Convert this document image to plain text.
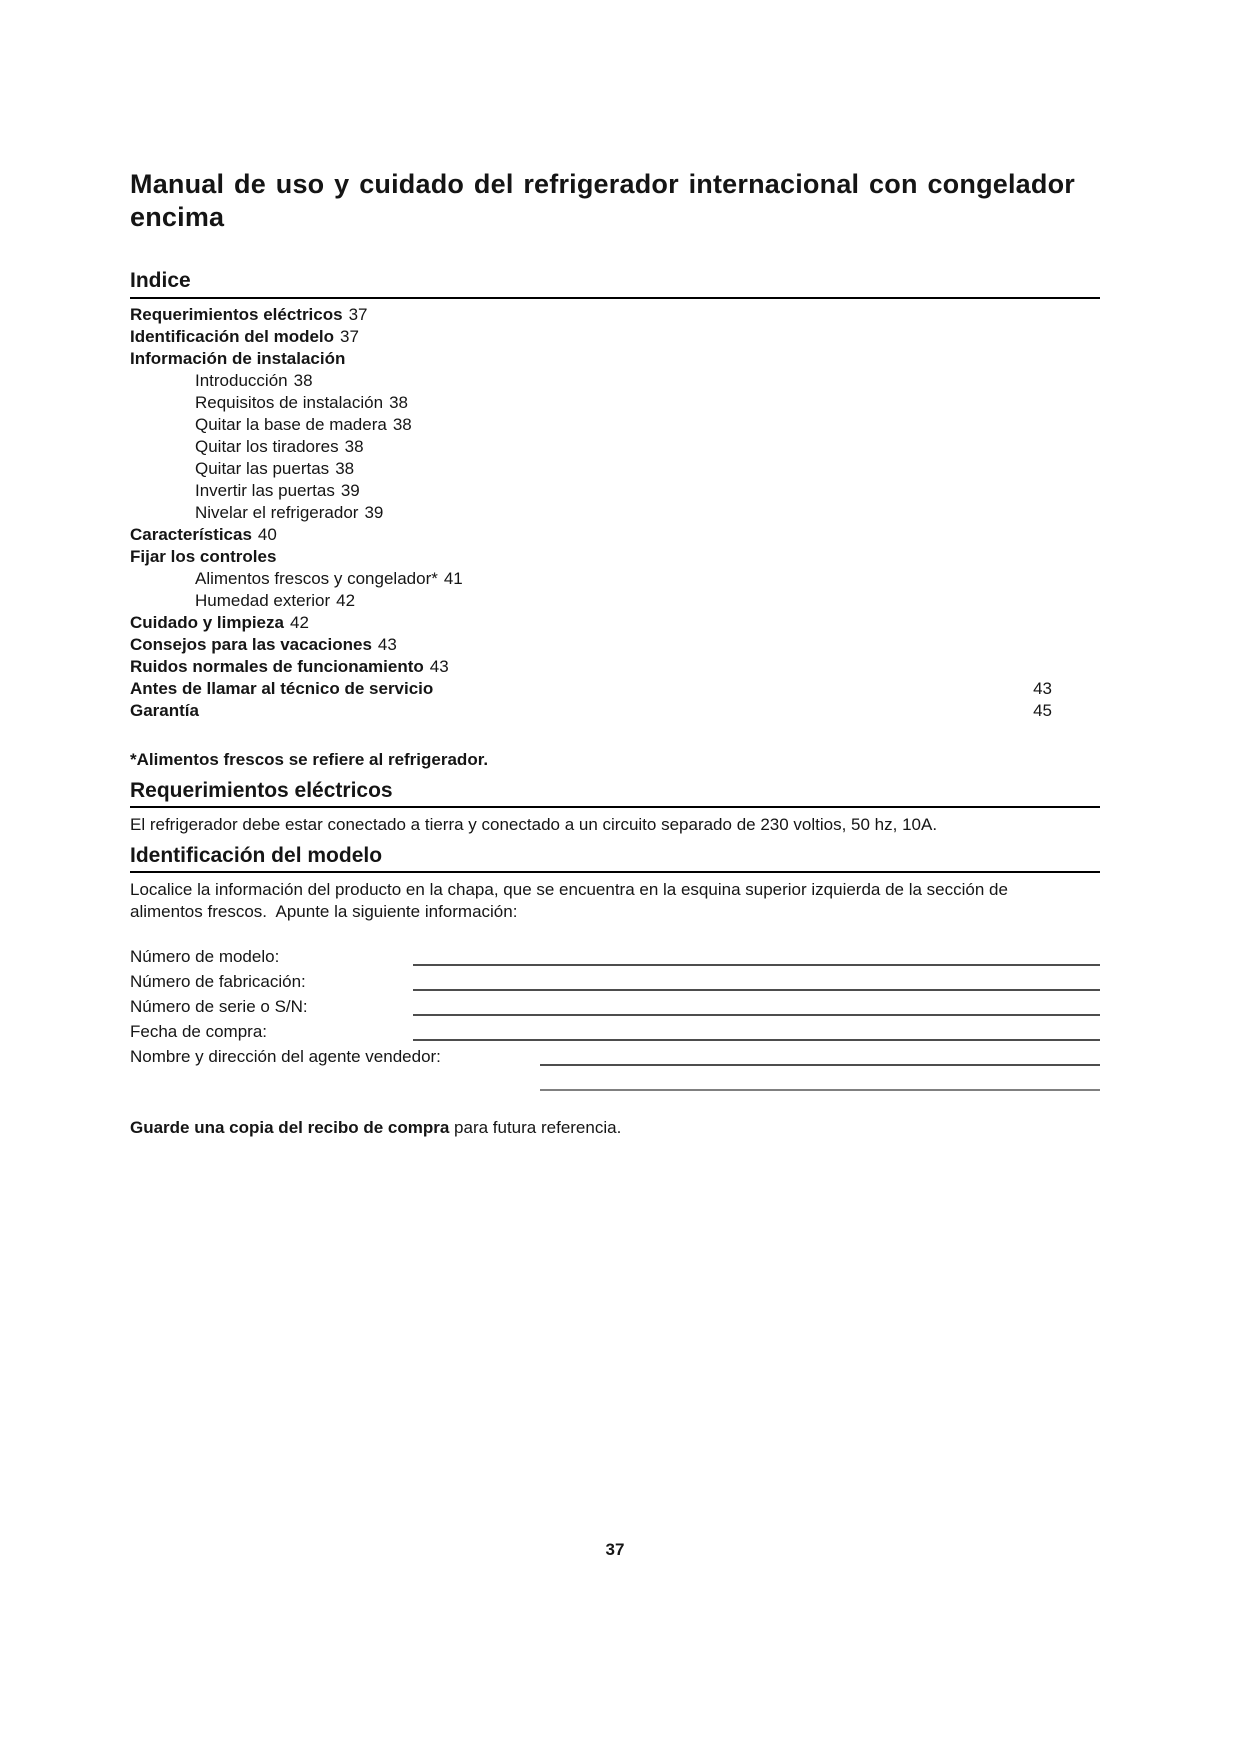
Manual de uso y cuidado del refrigerador internacional con congelador
encima
Indice
Requerimientos eléctricos 37
Identificación del modelo 37
Información de instalación
Introducción 38
Requisitos de instalación 38
Quitar la base de madera 38
Quitar los tiradores 38
Quitar las puertas 38
Invertir las puertas 39
Nivelar el refrigerador 39
Características 40
Fijar los controles
Alimentos frescos y congelador* 41
Humedad exterior 42
Cuidado y limpieza 42
Consejos para las vacaciones 43
Ruidos normales de funcionamiento 43
Antes de llamar al técnico de servicio	43
Garantía	45
*Alimentos frescos se refiere al refrigerador.
Requerimientos eléctricos
El refrigerador debe estar conectado a tierra y conectado a un circuito separado de 230 voltios, 50 hz, 10A.
Identificación del modelo
Localice la información del producto en la chapa, que se encuentra en la esquina superior izquierda de la sección de alimentos frescos.  Apunte la siguiente información:
Número de modelo:
Número de fabricación:
Número de serie o S/N:
Fecha de compra:
Nombre y dirección del agente vendedor:
Guarde una copia del recibo de compra para futura referencia.
37
